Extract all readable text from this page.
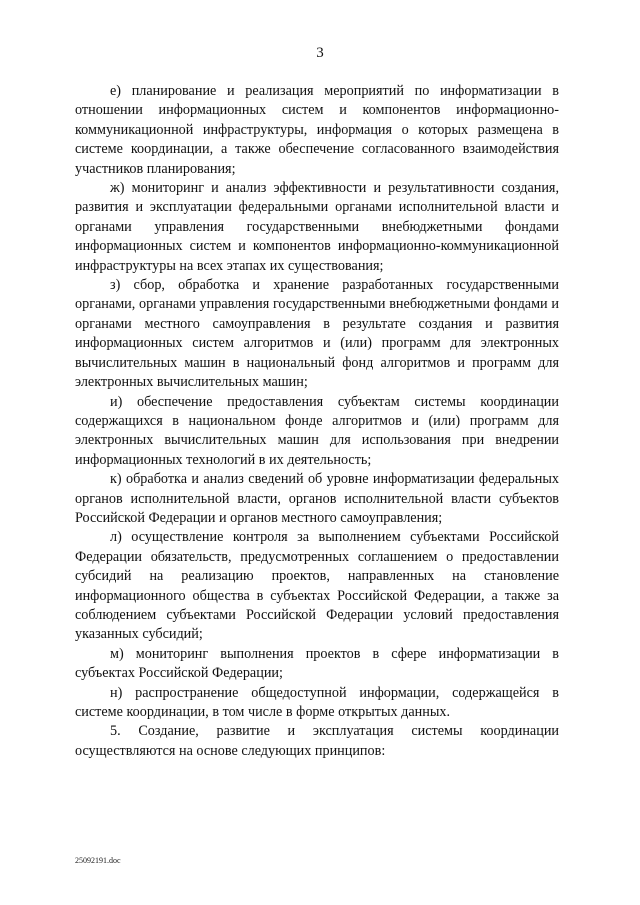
3

е) планирование и реализация мероприятий по информатизации в отношении информационных систем и компонентов информационно-коммуникационной инфраструктуры, информация о которых размещена в системе координации, а также обеспечение согласованного взаимодействия участников планирования;

ж) мониторинг и анализ эффективности и результативности создания, развития и эксплуатации федеральными органами исполнительной власти и органами управления государственными внебюджетными фондами информационных систем и компонентов информационно-коммуникационной инфраструктуры на всех этапах их существования;

з) сбор, обработка и хранение разработанных государственными органами, органами управления государственными внебюджетными фондами и органами местного самоуправления в результате создания и развития информационных систем алгоритмов и (или) программ для электронных вычислительных машин в национальный фонд алгоритмов и программ для электронных вычислительных машин;

и) обеспечение предоставления субъектам системы координации содержащихся в национальном фонде алгоритмов и (или) программ для электронных вычислительных машин для использования при внедрении информационных технологий в их деятельность;

к) обработка и анализ сведений об уровне информатизации федеральных органов исполнительной власти, органов исполнительной власти субъектов Российской Федерации и органов местного самоуправления;

л) осуществление контроля за выполнением субъектами Российской Федерации обязательств, предусмотренных соглашением о предоставлении субсидий на реализацию проектов, направленных на становление информационного общества в субъектах Российской Федерации, а также за соблюдением субъектами Российской Федерации условий предоставления указанных субсидий;

м) мониторинг выполнения проектов в сфере информатизации в субъектах Российской Федерации;

н) распространение общедоступной информации, содержащейся в системе координации, в том числе в форме открытых данных.

5. Создание, развитие и эксплуатация системы координации осуществляются на основе следующих принципов:

25092191.doc
